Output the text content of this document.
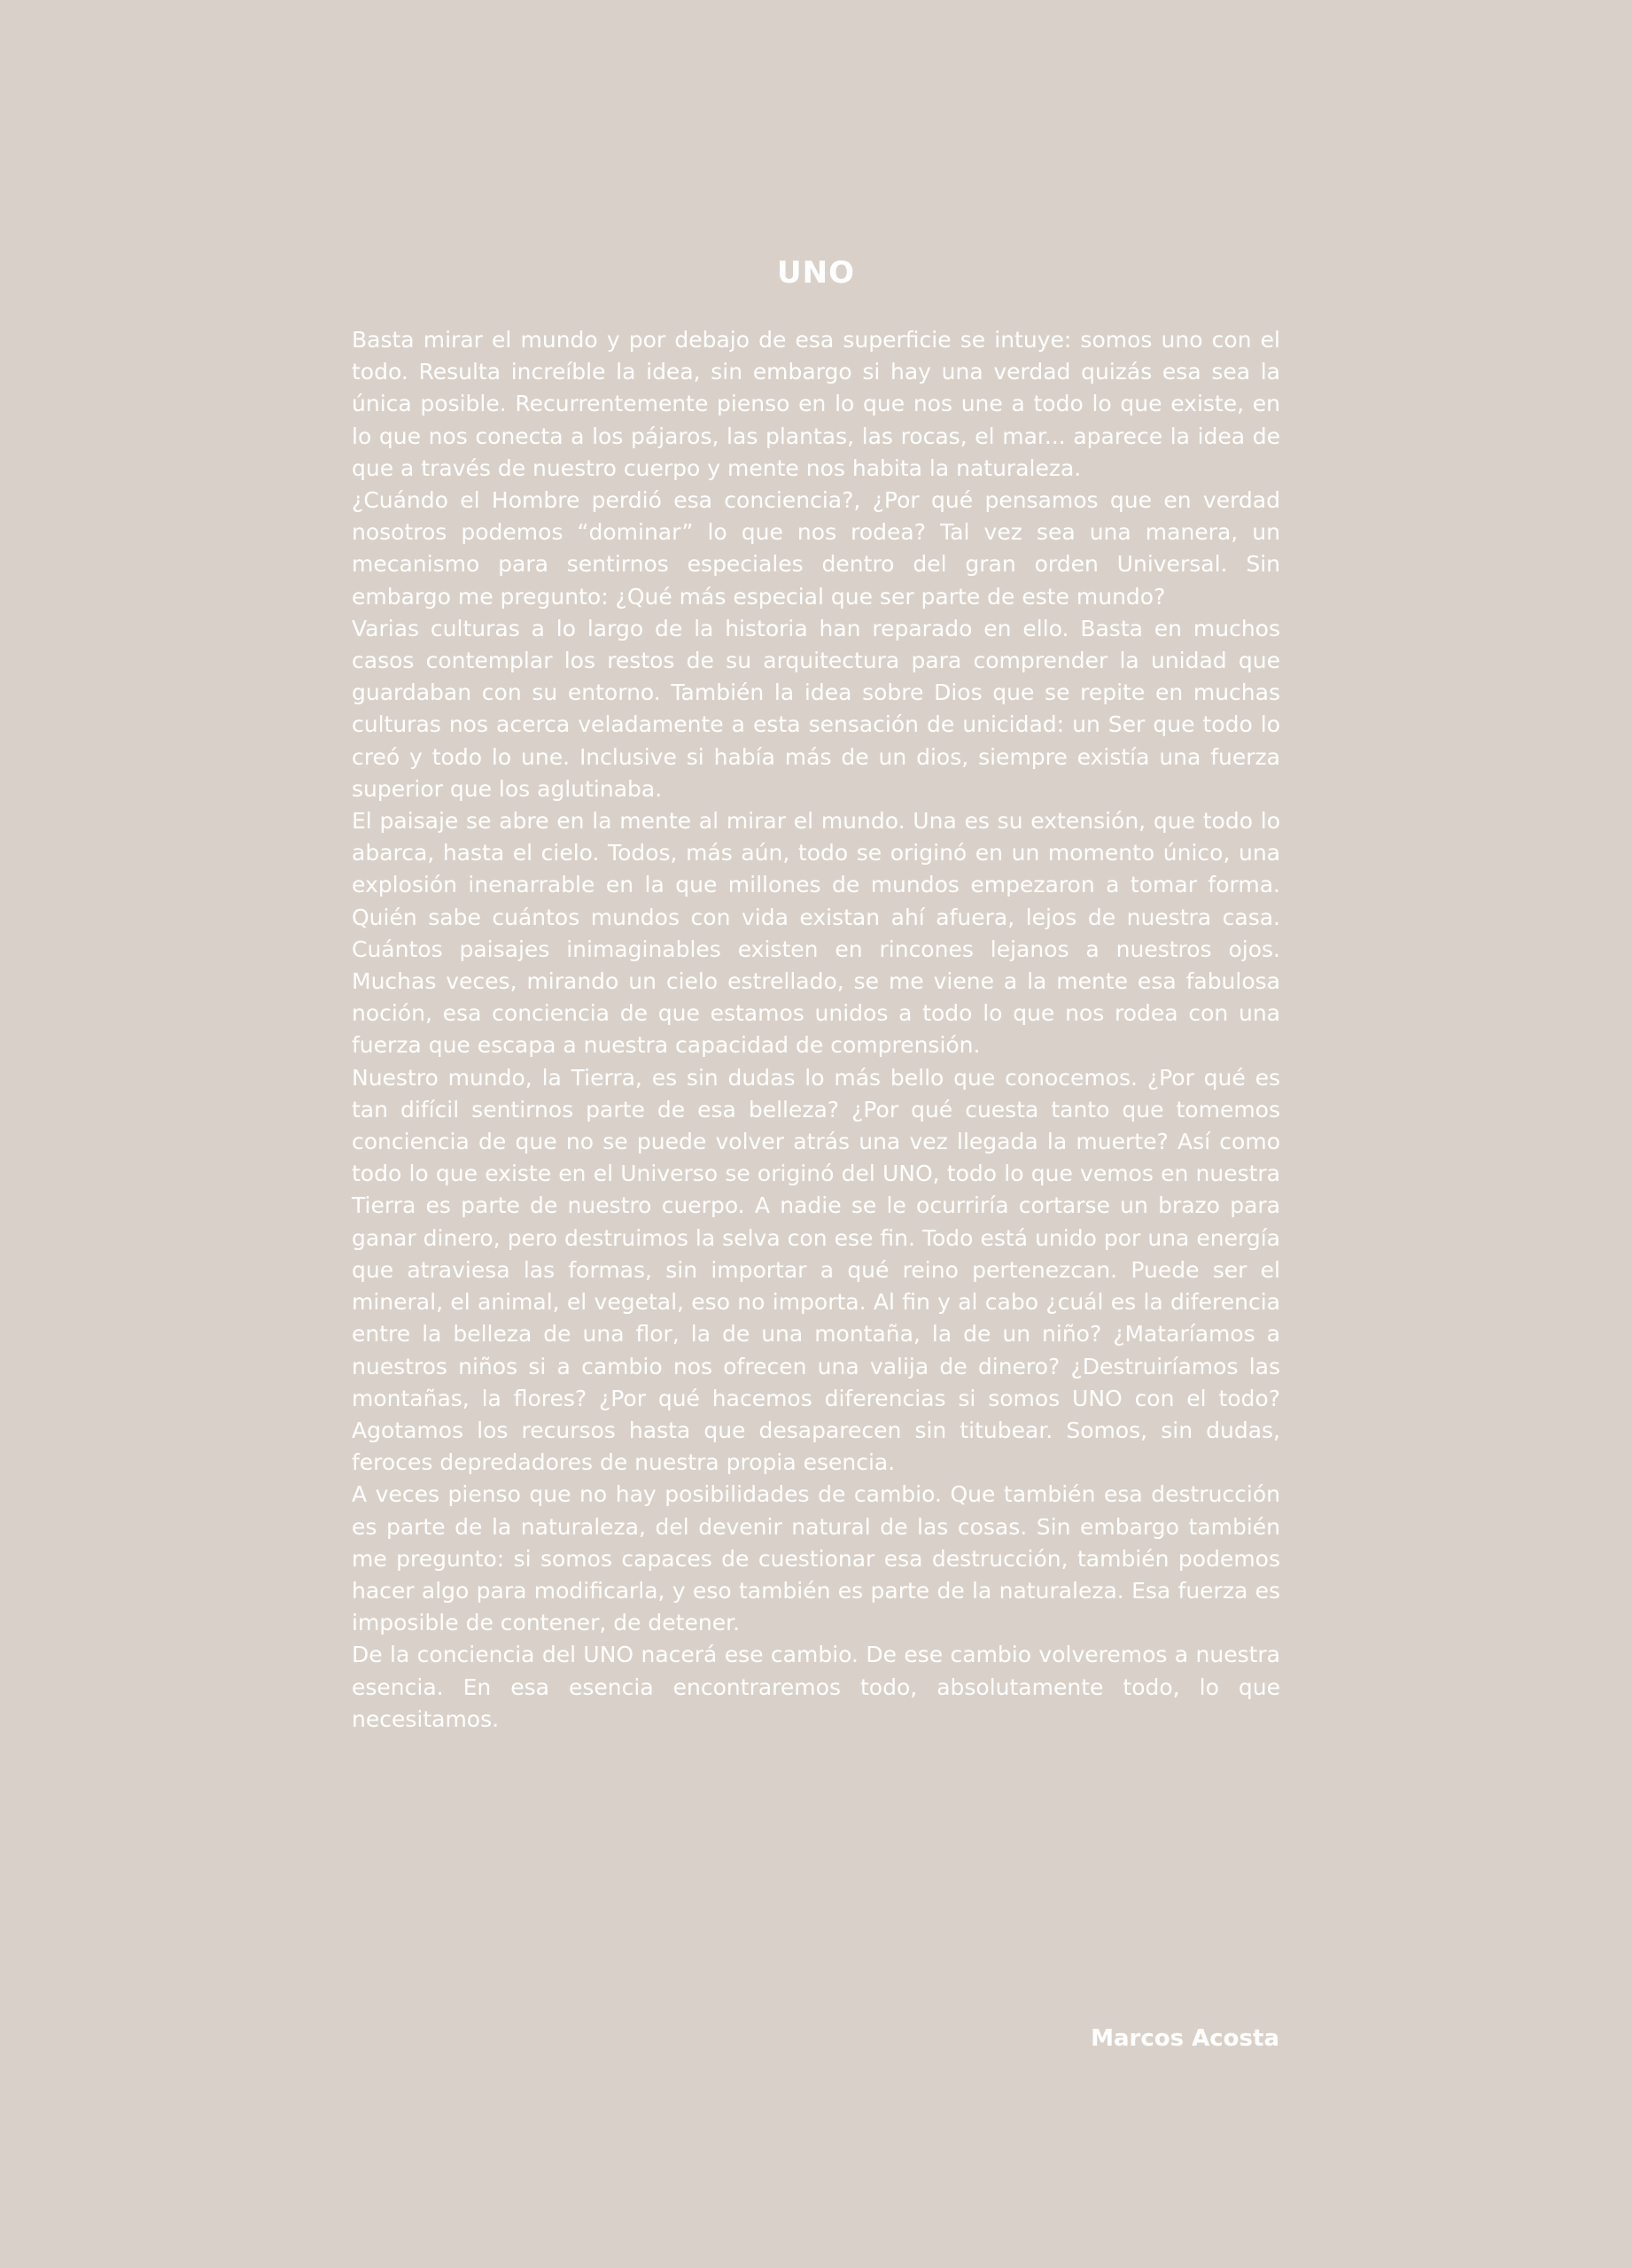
UNO

Basta mirar el mundo y por debajo de esa superficie se intuye: somos uno con el todo. Resulta increíble la idea, sin embargo si hay una verdad quizás esa sea la única posible. Recurrentemente pienso en lo que nos une a todo lo que existe, en lo que nos conecta a los pájaros, las plantas, las rocas, el mar... aparece la idea de que a través de nuestro cuerpo y mente nos habita la naturaleza.

¿Cuándo el Hombre perdió esa conciencia?, ¿Por qué pensamos que en verdad nosotros podemos “dominar” lo que nos rodea? Tal vez sea una manera, un mecanismo para sentirnos especiales dentro del gran orden Universal. Sin embargo me pregunto: ¿Qué más especial que ser parte de este mundo?

Varias culturas a lo largo de la historia han reparado en ello. Basta en muchos casos contemplar los restos de su arquitectura para comprender la unidad que guardaban con su entorno. También la idea sobre Dios que se repite en muchas culturas nos acerca veladamente a esta sensación de unicidad: un Ser que todo lo creó y todo lo une. Inclusive si había más de un dios, siempre existía una fuerza superior que los aglutinaba.

El paisaje se abre en la mente al mirar el mundo. Una es su extensión, que todo lo abarca, hasta el cielo. Todos, más aún, todo se originó en un momento único, una explosión inenarrable en la que millones de mundos empezaron a tomar forma. Quién sabe cuántos mundos con vida existan ahí afuera, lejos de nuestra casa. Cuántos paisajes inimaginables existen en rincones lejanos a nuestros ojos. Muchas veces, mirando un cielo estrellado, se me viene a la mente esa fabulosa noción, esa conciencia de que estamos unidos a todo lo que nos rodea con una fuerza que escapa a nuestra capacidad de comprensión.

Nuestro mundo, la Tierra, es sin dudas lo más bello que conocemos. ¿Por qué es tan difícil sentirnos parte de esa belleza? ¿Por qué cuesta tanto que tomemos conciencia de que no se puede volver atrás una vez llegada la muerte? Así como todo lo que existe en el Universo se originó del UNO, todo lo que vemos en nuestra Tierra es parte de nuestro cuerpo. A nadie se le ocurriría cortarse un brazo para ganar dinero, pero destruimos la selva con ese fin. Todo está unido por una energía que atraviesa las formas, sin importar a qué reino pertenezcan. Puede ser el mineral, el animal, el vegetal, eso no importa. Al fin y al cabo ¿cuál es la diferencia entre la belleza de una flor, la de una montaña, la de un niño? ¿Mataríamos a nuestros niños si a cambio nos ofrecen una valija de dinero? ¿Destruiríamos las montañas, la flores? ¿Por qué hacemos diferencias si somos UNO con el todo? Agotamos los recursos hasta que desaparecen sin titubear. Somos, sin dudas, feroces depredadores de nuestra propia esencia.

A veces pienso que no hay posibilidades de cambio. Que también esa destrucción es parte de la naturaleza, del devenir natural de las cosas. Sin embargo también me pregunto: si somos capaces de cuestionar esa destrucción, también podemos hacer algo para modificarla, y eso también es parte de la naturaleza. Esa fuerza es imposible de contener, de detener.

De la conciencia del UNO nacerá ese cambio. De ese cambio volveremos a nuestra esencia. En esa esencia encontraremos todo, absolutamente todo, lo que necesitamos.

Marcos Acosta
